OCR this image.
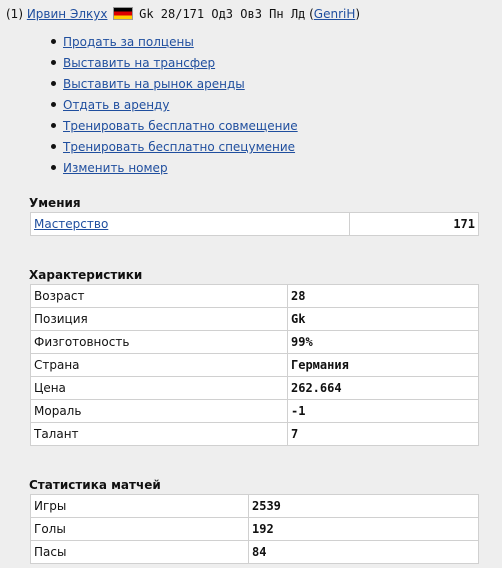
(1) Ирвин Элкух	Gk 28/171 Од3 Ов3 Пн Лд (GenriH)
Продать за полцены
Выставить на трансфер
Выставить на рынок аренды
Отдать в аренду
Тренировать бесплатно совмещение
Тренировать бесплатно спецумение
Изменить номер
Умения
Мастерство	171
Характеристики
Возраст	28
Позиция	Gk
Физготовность	99%
Страна	Германия
Цена	262.664
Мораль	-1
Талант	7
Статистика матчей
Игры	2539
Голы	192
Пасы	84
